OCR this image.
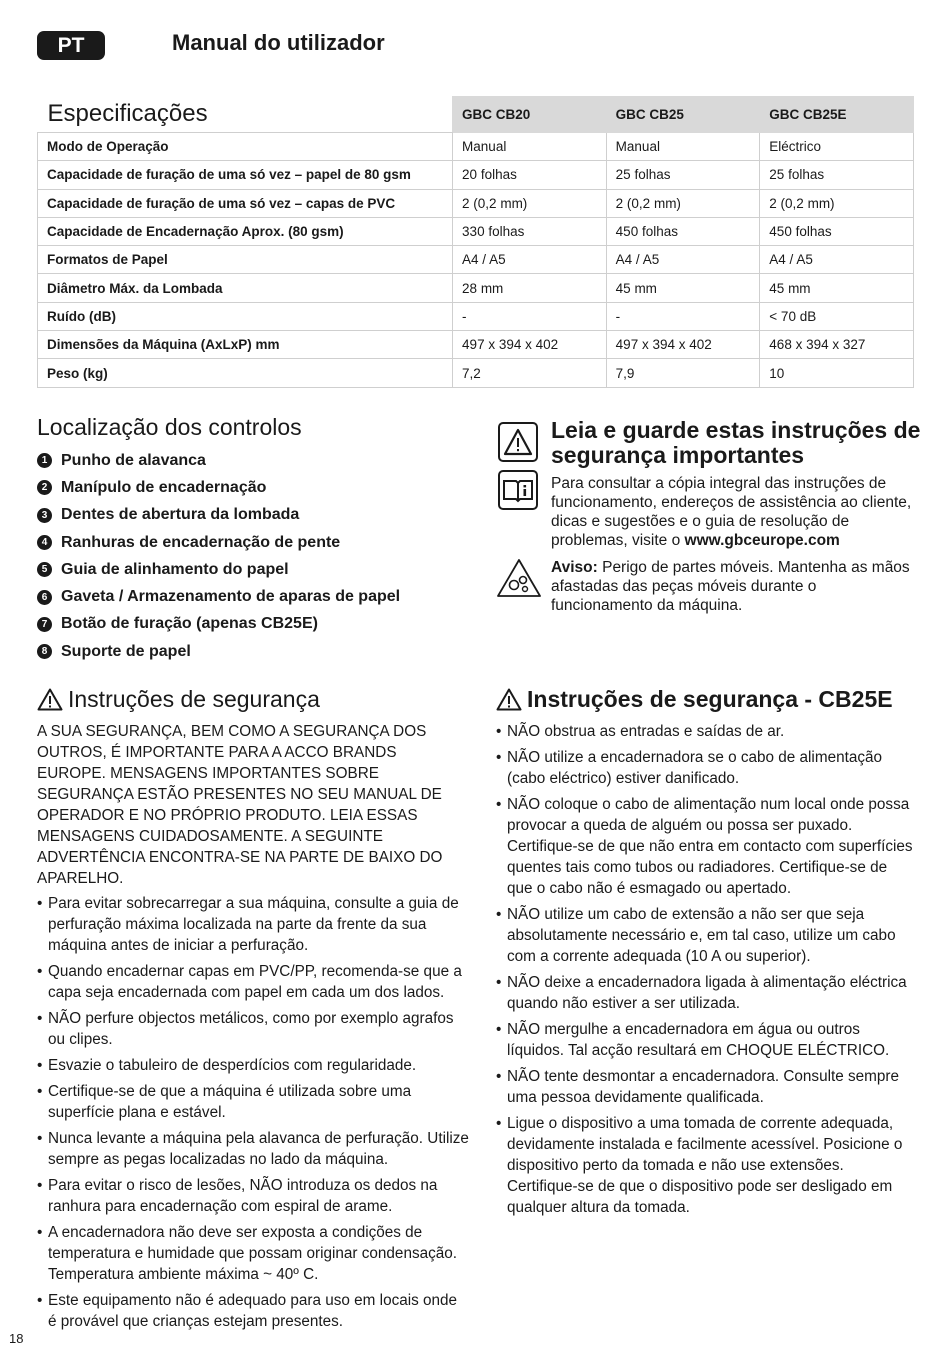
PT	Manual do utilizador
Especificações	GBC CB20	GBC CB25	GBC CB25E
Modo de Operação	Manual	Manual	Eléctrico
Capacidade de furação de uma só vez – papel de 80 gsm	20 folhas	25 folhas	25 folhas
Capacidade de furação de uma só vez – capas de PVC	2 (0,2 mm)	2 (0,2 mm)	2 (0,2 mm)
Capacidade de Encadernação Aprox. (80 gsm)	330 folhas	450 folhas	450 folhas
Formatos de Papel	A4 / A5	A4 / A5	A4 / A5
Diâmetro Máx. da Lombada	28 mm	45 mm	45 mm
Ruído (dB)	-	-	< 70 dB
Dimensões da Máquina (AxLxP) mm	497 x 394 x 402	497 x 394 x 402	468 x 394 x 327
Peso (kg)	7,2	7,9	10
Localização dos controlos
1 Punho de alavanca
2 Manípulo de encadernação
3 Dentes de abertura da lombada
4 Ranhuras de encadernação de pente
5 Guia de alinhamento do papel
6 Gaveta / Armazenamento de aparas de papel
7 Botão de furação (apenas CB25E)
8 Suporte de papel
Leia e guarde estas instruções de segurança importantes
Para consultar a cópia integral das instruções de funcionamento, endereços de assistência ao cliente, dicas e sugestões e o guia de resolução de problemas, visite o www.gbceurope.com
Aviso: Perigo de partes móveis. Mantenha as mãos afastadas das peças móveis durante o funcionamento da máquina.
Instruções de segurança

A SUA SEGURANÇA, BEM COMO A SEGURANÇA DOS OUTROS, É IMPORTANTE PARA A ACCO BRANDS EUROPE. MENSAGENS IMPORTANTES SOBRE SEGURANÇA ESTÃO PRESENTES NO SEU MANUAL DE OPERADOR E NO PRÓPRIO PRODUTO. LEIA ESSAS MENSAGENS CUIDADOSAMENTE. A SEGUINTE ADVERTÊNCIA ENCONTRA-SE NA PARTE DE BAIXO DO APARELHO.

• Para evitar sobrecarregar a sua máquina, consulte a guia de perfuração máxima localizada na parte da frente da sua máquina antes de iniciar a perfuração.
• Quando encadernar capas em PVC/PP, recomenda-se que a capa seja encadernada com papel em cada um dos lados.
• NÃO perfure objectos metálicos, como por exemplo agrafos ou clipes.
• Esvazie o tabuleiro de desperdícios com regularidade.
• Certifique-se de que a máquina é utilizada sobre uma superfície plana e estável.
• Nunca levante a máquina pela alavanca de perfuração. Utilize sempre as pegas localizadas no lado da máquina.
• Para evitar o risco de lesões, NÃO introduza os dedos na ranhura para encadernação com espiral de arame.
• A encadernadora não deve ser exposta a condições de temperatura e humidade que possam originar condensação. Temperatura ambiente máxima ~ 40º C.
• Este equipamento não é adequado para uso em locais onde é provável que crianças estejam presentes.
Instruções de segurança - CB25E
• NÃO obstrua as entradas e saídas de ar.
• NÃO utilize a encadernadora se o cabo de alimentação (cabo eléctrico) estiver danificado.
• NÃO coloque o cabo de alimentação num local onde possa provocar a queda de alguém ou possa ser puxado. Certifique-se de que não entra em contacto com superfícies quentes tais como tubos ou radiadores. Certifique-se de que o cabo não é esmagado ou apertado.
• NÃO utilize um cabo de extensão a não ser que seja absolutamente necessário e, em tal caso, utilize um cabo com a corrente adequada (10 A ou superior).
• NÃO deixe a encadernadora ligada à alimentação eléctrica quando não estiver a ser utilizada.
• NÃO mergulhe a encadernadora em água ou outros líquidos. Tal acção resultará em CHOQUE ELÉCTRICO.
• NÃO tente desmontar a encadernadora. Consulte sempre uma pessoa devidamente qualificada.
• Ligue o dispositivo a uma tomada de corrente adequada, devidamente instalada e facilmente acessível. Posicione o dispositivo perto da tomada e não use extensões. Certifique-se de que o dispositivo pode ser desligado em qualquer altura da tomada.
18
